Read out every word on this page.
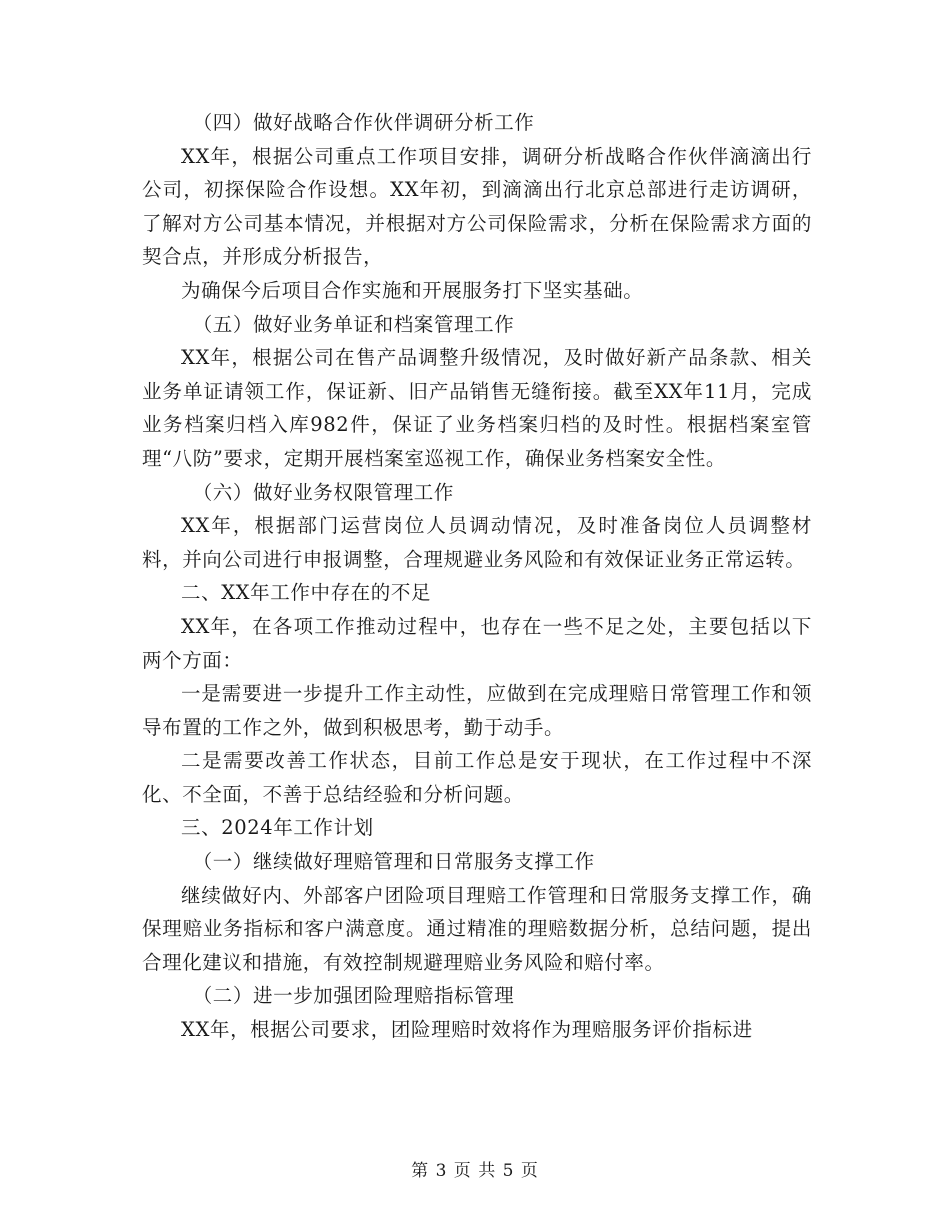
（四）做好战略合作伙伴调研分析工作

XX年，根据公司重点工作项目安排，调研分析战略合作伙伴滴滴出行公司，初探保险合作设想。XX年初，到滴滴出行北京总部进行走访调研，了解对方公司基本情况，并根据对方公司保险需求，分析在保险需求方面的契合点，并形成分析报告，

为确保今后项目合作实施和开展服务打下坚实基础。

（五）做好业务单证和档案管理工作

XX年，根据公司在售产品调整升级情况，及时做好新产品条款、相关业务单证请领工作，保证新、旧产品销售无缝衔接。截至XX年11月，完成业务档案归档入库982件，保证了业务档案归档的及时性。根据档案室管理“八防”要求，定期开展档案室巡视工作，确保业务档案安全性。

（六）做好业务权限管理工作

XX年，根据部门运营岗位人员调动情况，及时准备岗位人员调整材料，并向公司进行申报调整，合理规避业务风险和有效保证业务正常运转。

二、XX年工作中存在的不足

XX年，在各项工作推动过程中，也存在一些不足之处，主要包括以下两个方面：

一是需要进一步提升工作主动性，应做到在完成理赔日常管理工作和领导布置的工作之外，做到积极思考，勤于动手。

二是需要改善工作状态，目前工作总是安于现状，在工作过程中不深化、不全面，不善于总结经验和分析问题。

三、2024年工作计划

（一）继续做好理赔管理和日常服务支撑工作

继续做好内、外部客户团险项目理赔工作管理和日常服务支撑工作，确保理赔业务指标和客户满意度。通过精准的理赔数据分析，总结问题，提出合理化建议和措施，有效控制规避理赔业务风险和赔付率。

（二）进一步加强团险理赔指标管理

XX年，根据公司要求，团险理赔时效将作为理赔服务评价指标进

第 3 页 共 5 页
